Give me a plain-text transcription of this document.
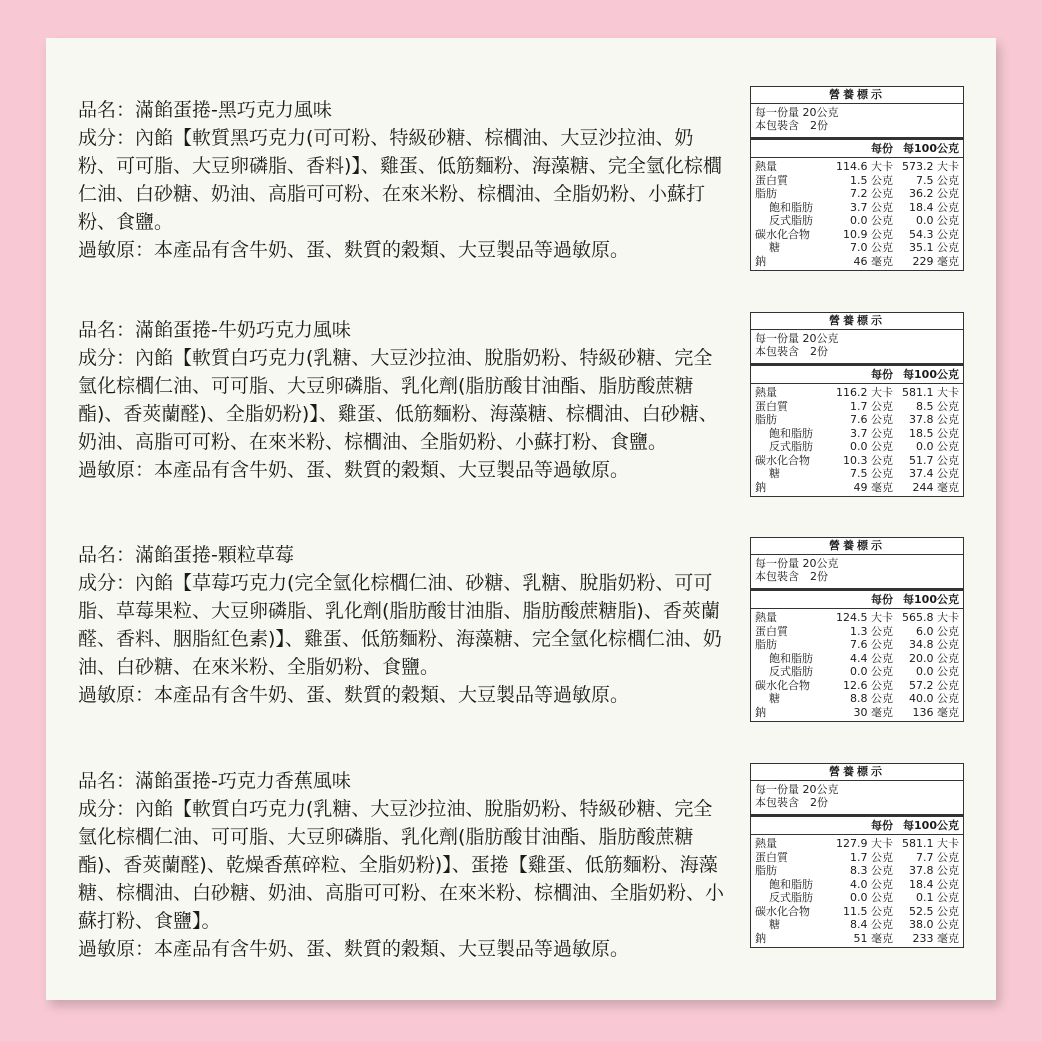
品名：滿餡蛋捲-黑巧克力風味

成分：內餡【軟質黑巧克力(可可粉、特級砂糖、棕櫚油、大豆沙拉油、奶粉、可可脂、大豆卵磷脂、香料)】、雞蛋、低筋麵粉、海藻糖、完全氫化棕櫚仁油、白砂糖、奶油、高脂可可粉、在來米粉、棕櫚油、全脂奶粉、小蘇打粉、食鹽。

過敏原：本產品有含牛奶、蛋、麩質的穀類、大豆製品等過敏原。

營養標示
每一份量 20公克
本包裝含　2份
每份 每100公克
熱量	114.6 大卡 573.2 大卡
蛋白質	1.5 公克	7.5 公克
脂肪	7.2 公克	36.2 公克
飽和脂肪	3.7 公克	18.4 公克
反式脂肪	0.0 公克	0.0 公克
碳水化合物	10.9 公克	54.3 公克
糖	7.0 公克	35.1 公克
鈉	46 毫克	229 毫克

品名：滿餡蛋捲-牛奶巧克力風味

成分：內餡【軟質白巧克力(乳糖、大豆沙拉油、脫脂奶粉、特級砂糖、完全氫化棕櫚仁油、可可脂、大豆卵磷脂、乳化劑(脂肪酸甘油酯、脂肪酸蔗糖酯)、香莢蘭醛)、全脂奶粉)】、雞蛋、低筋麵粉、海藻糖、棕櫚油、白砂糖、奶油、高脂可可粉、在來米粉、棕櫚油、全脂奶粉、小蘇打粉、食鹽。

過敏原：本產品有含牛奶、蛋、麩質的穀類、大豆製品等過敏原。

營養標示
每一份量 20公克
本包裝含　2份
每份 每100公克
熱量	116.2 大卡 581.1 大卡
蛋白質	1.7 公克	8.5 公克
脂肪	7.6 公克	37.8 公克
飽和脂肪	3.7 公克	18.5 公克
反式脂肪	0.0 公克	0.0 公克
碳水化合物	10.3 公克	51.7 公克
糖	7.5 公克	37.4 公克
鈉	49 毫克	244 毫克

品名：滿餡蛋捲-顆粒草莓

成分：內餡【草莓巧克力(完全氫化棕櫚仁油、砂糖、乳糖、脫脂奶粉、可可脂、草莓果粒、大豆卵磷脂、乳化劑(脂肪酸甘油脂、脂肪酸蔗糖脂)、香莢蘭醛、香料、胭脂紅色素)】、雞蛋、低筋麵粉、海藻糖、完全氫化棕櫚仁油、奶油、白砂糖、在來米粉、全脂奶粉、食鹽。

過敏原：本產品有含牛奶、蛋、麩質的穀類、大豆製品等過敏原。

營養標示
每一份量 20公克
本包裝含　2份
每份 每100公克
熱量	124.5 大卡 565.8 大卡
蛋白質	1.3 公克	6.0 公克
脂肪	7.6 公克	34.8 公克
飽和脂肪	4.4 公克	20.0 公克
反式脂肪	0.0 公克	0.0 公克
碳水化合物	12.6 公克	57.2 公克
糖	8.8 公克	40.0 公克
鈉	30 毫克	136 毫克

品名：滿餡蛋捲-巧克力香蕉風味

成分：內餡【軟質白巧克力(乳糖、大豆沙拉油、脫脂奶粉、特級砂糖、完全氫化棕櫚仁油、可可脂、大豆卵磷脂、乳化劑(脂肪酸甘油酯、脂肪酸蔗糖酯)、香莢蘭醛)、乾燥香蕉碎粒、全脂奶粉)】、蛋捲【雞蛋、低筋麵粉、海藻糖、棕櫚油、白砂糖、奶油、高脂可可粉、在來米粉、棕櫚油、全脂奶粉、小蘇打粉、食鹽】。

過敏原：本產品有含牛奶、蛋、麩質的穀類、大豆製品等過敏原。

營養標示
每一份量 20公克
本包裝含　2份
每份 每100公克
熱量	127.9 大卡 581.1 大卡
蛋白質	1.7 公克	7.7 公克
脂肪	8.3 公克	37.8 公克
飽和脂肪	4.0 公克	18.4 公克
反式脂肪	0.0 公克	0.1 公克
碳水化合物	11.5 公克	52.5 公克
糖	8.4 公克	38.0 公克
鈉	51 毫克	233 毫克
